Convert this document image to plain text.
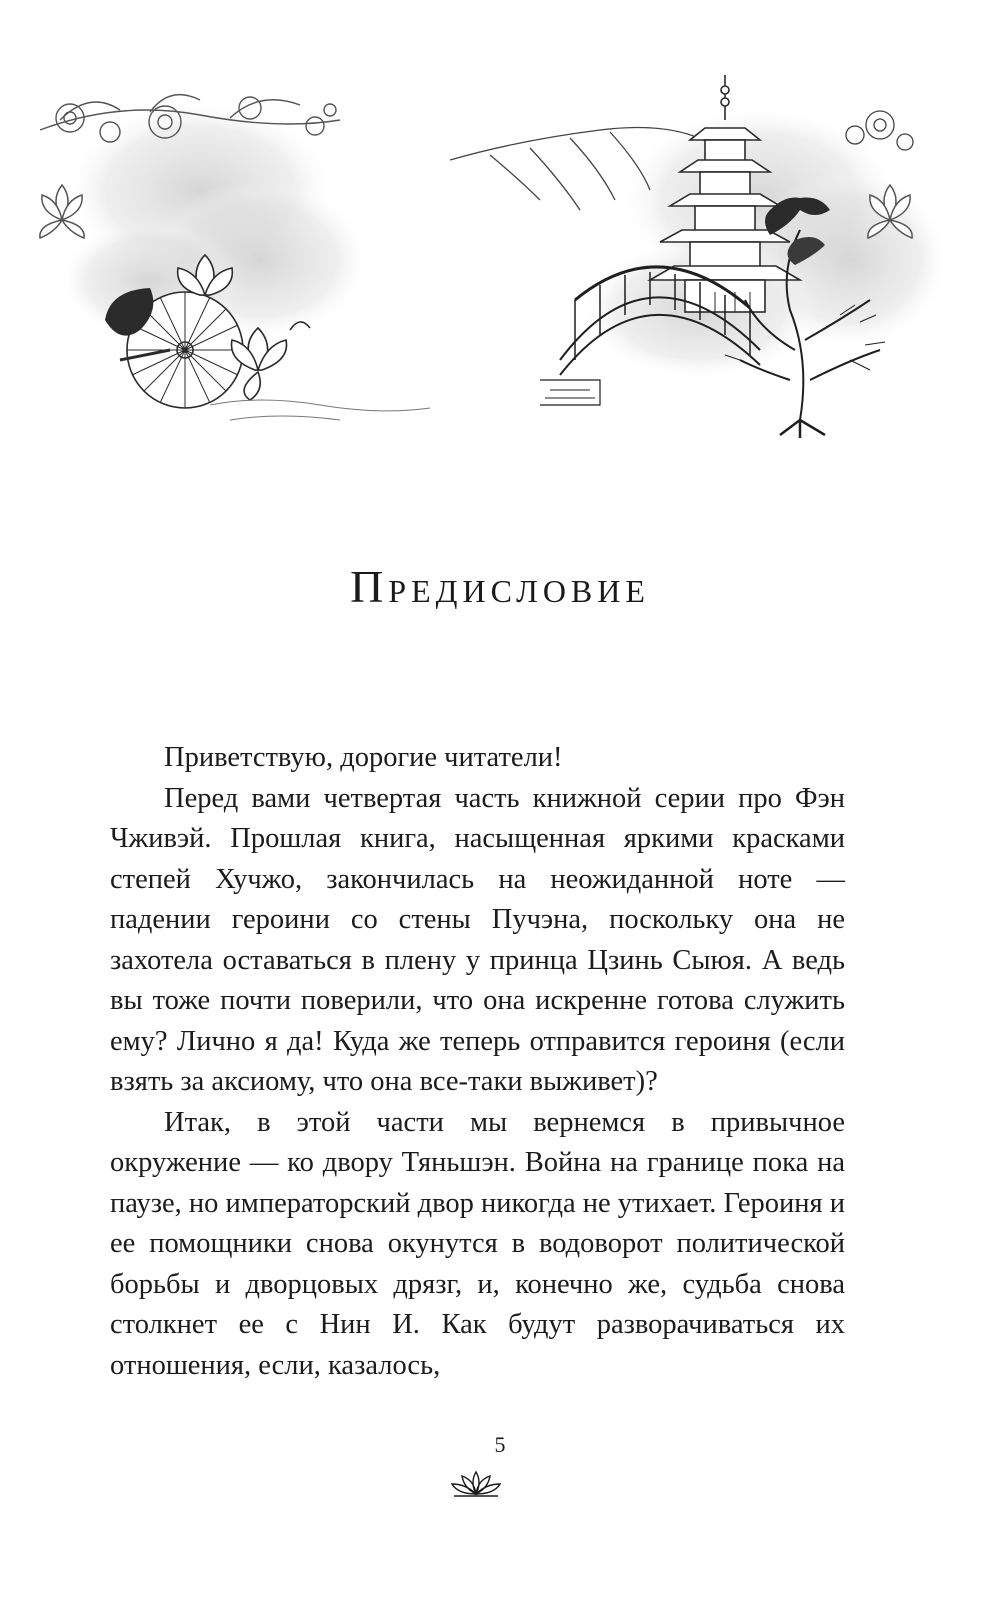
Предисловие

Приветствую, дорогие читатели!

Перед вами четвертая часть книжной серии про Фэн Чживэй. Прошлая книга, насыщенная яркими красками степей Хучжо, закончилась на неожиданной ноте — падении героини со стены Пучэна, поскольку она не захотела оставаться в плену у принца Цзинь Сыюя. А ведь вы тоже почти поверили, что она искренне готова служить ему? Лично я да! Куда же теперь отправится героиня (если взять за аксиому, что она все-таки выживет)?

Итак, в этой части мы вернемся в привычное окружение — ко двору Тяньшэн. Война на границе пока на паузе, но императорский двор никогда не утихает. Героиня и ее помощники снова окунутся в водоворот политической борьбы и дворцовых дрязг, и, конечно же, судьба снова столкнет ее с Нин И. Как будут разворачиваться их отношения, если, казалось,

5
